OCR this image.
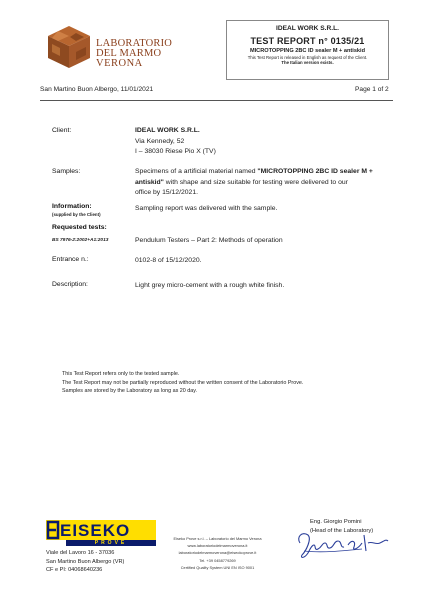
LABORATORIO
DEL MARMO
VERONA
IDEAL WORK S.R.L.
TEST REPORT n° 0135/21
MICROTOPPING 2BC ID sealer M + antiskid
This Test Report is released in English as request of the Client.
The Italian version exists.
San Martino Buon Albergo, 11/01/2021	Page 1 of 2
Client:	IDEAL WORK S.R.L.
Via Kennedy, 52
I – 38030 Riese Pio X (TV)
Samples:	Specimens of a artificial material named "MICROTOPPING 2BC ID sealer M +
antiskid" with shape and size suitable for testing were delivered to our
office by 15/12/2021.
Information:
(supplied by the Client)
Sampling report was delivered with the sample.
Requested tests:
BS 7976-2:2002+A1:2013	Pendulum Testers – Part 2: Methods of operation
Entrance n.:	0102-8 of 15/12/2020.
Description:	Light grey micro-cement with a rough white finish.
This Test Report refers only to the tested sample.
The Test Report may not be partially reproduced without the written consent of the Laboratorio Prove.
Samples are stored by the Laboratory as long as 20 day.
EISEKO
PROVE
Viale del Lavoro 16 - 37036
San Martino Buon Albergo (VR)
CF e PI: 04068640236
Eiseko Prove s.r.l. – Laboratorio del Marmo Verona
www.laboratoriodelmarmoverona.it
laboratoriodelmarmoverona@eiseokoprove.it
Tel. +39 0458779269
Certified Quality System UNI EN ISO 9001
Eng. Giorgio Pomini
(Head of the Laboratory)
